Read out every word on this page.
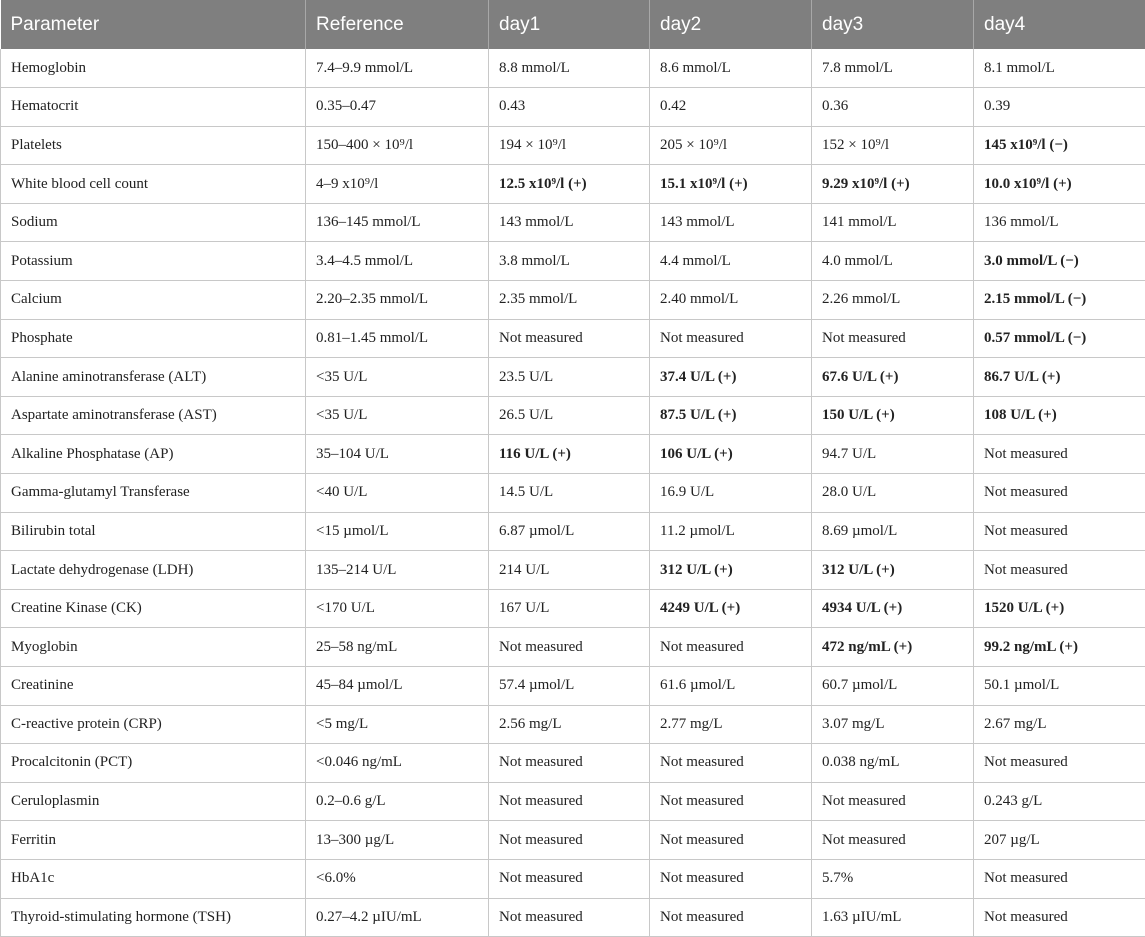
Parameter	Reference	day1	day2	day3	day4
Hemoglobin	7.4–9.9 mmol/L	8.8 mmol/L	8.6 mmol/L	7.8 mmol/L	8.1 mmol/L
Hematocrit	0.35–0.47	0.43	0.42	0.36	0.39
Platelets	150–400 × 10⁹/l	194 × 10⁹/l	205 × 10⁹/l	152 × 10⁹/l	145 x10⁹/l (−)
White blood cell count	4–9 x10⁹/l	12.5 x10⁹/l (+)	15.1 x10⁹/l (+)	9.29 x10⁹/l (+)	10.0 x10⁹/l (+)
Sodium	136–145 mmol/L	143 mmol/L	143 mmol/L	141 mmol/L	136 mmol/L
Potassium	3.4–4.5 mmol/L	3.8 mmol/L	4.4 mmol/L	4.0 mmol/L	3.0 mmol/L (−)
Calcium	2.20–2.35 mmol/L	2.35 mmol/L	2.40 mmol/L	2.26 mmol/L	2.15 mmol/L (−)
Phosphate	0.81–1.45 mmol/L	Not measured	Not measured	Not measured	0.57 mmol/L (−)
Alanine aminotransferase (ALT)	<35 U/L	23.5 U/L	37.4 U/L (+)	67.6 U/L (+)	86.7 U/L (+)
Aspartate aminotransferase (AST)	<35 U/L	26.5 U/L	87.5 U/L (+)	150 U/L (+)	108 U/L (+)
Alkaline Phosphatase (AP)	35–104 U/L	116 U/L (+)	106 U/L (+)	94.7 U/L	Not measured
Gamma-glutamyl Transferase	<40 U/L	14.5 U/L	16.9 U/L	28.0 U/L	Not measured
Bilirubin total	<15 µmol/L	6.87 µmol/L	11.2 µmol/L	8.69 µmol/L	Not measured
Lactate dehydrogenase (LDH)	135–214 U/L	214 U/L	312 U/L (+)	312 U/L (+)	Not measured
Creatine Kinase (CK)	<170 U/L	167 U/L	4249 U/L (+)	4934 U/L (+)	1520 U/L (+)
Myoglobin	25–58 ng/mL	Not measured	Not measured	472 ng/mL (+)	99.2 ng/mL (+)
Creatinine	45–84 µmol/L	57.4 µmol/L	61.6 µmol/L	60.7 µmol/L	50.1 µmol/L
C-reactive protein (CRP)	<5 mg/L	2.56 mg/L	2.77 mg/L	3.07 mg/L	2.67 mg/L
Procalcitonin (PCT)	<0.046 ng/mL	Not measured	Not measured	0.038 ng/mL	Not measured
Ceruloplasmin	0.2–0.6 g/L	Not measured	Not measured	Not measured	0.243 g/L
Ferritin	13–300 µg/L	Not measured	Not measured	Not measured	207 µg/L
HbA1c	<6.0%	Not measured	Not measured	5.7%	Not measured
Thyroid-stimulating hormone (TSH)	0.27–4.2 µIU/mL	Not measured	Not measured	1.63 µIU/mL	Not measured
